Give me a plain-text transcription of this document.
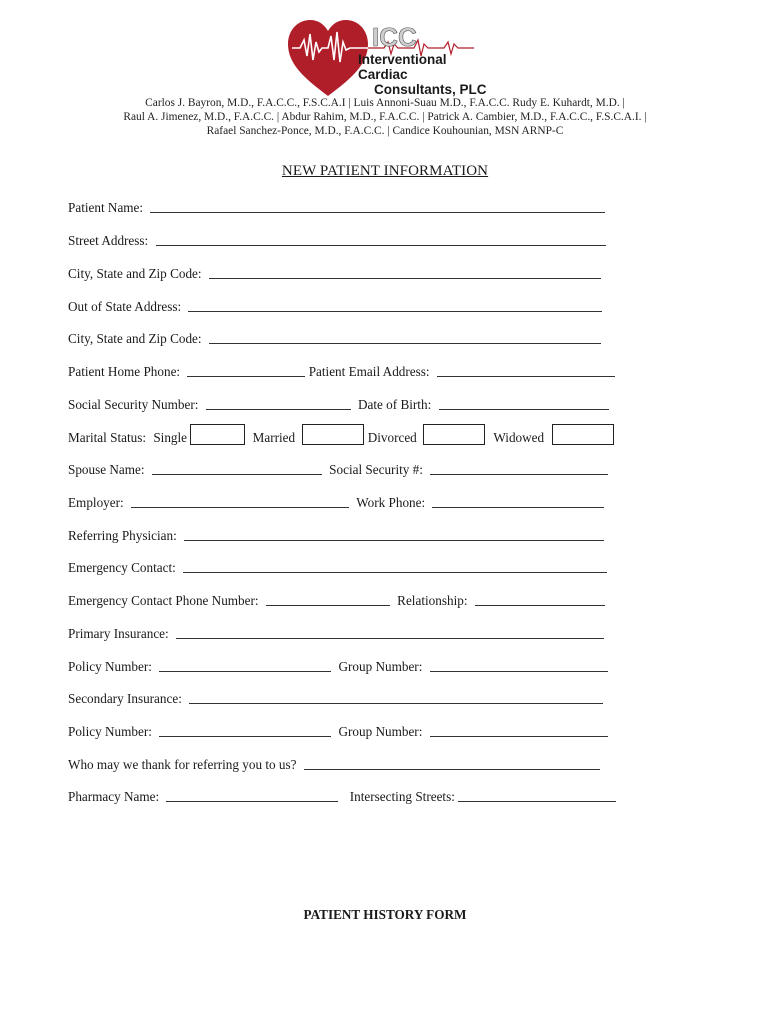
ICC
Interventional Cardiac
Consultants, PLC
Carlos J. Bayron, M.D., F.A.C.C., F.S.C.A.I | Luis Annoni-Suau M.D., F.A.C.C. Rudy E. Kuhardt, M.D. |
Raul A. Jimenez, M.D., F.A.C.C. | Abdur Rahim, M.D., F.A.C.C. | Patrick A. Cambier, M.D., F.A.C.C., F.S.C.A.I. |
Rafael Sanchez-Ponce, M.D., F.A.C.C. | Candice Kouhounian, MSN ARNP-C
NEW PATIENT INFORMATION
Patient Name:
Street Address:
City, State and Zip Code:
Out of State Address:
City, State and Zip Code:
Patient Home Phone:	Patient Email Address:
Social Security Number:	Date of Birth:
Marital Status: Single	Married	Divorced	Widowed
Spouse Name:	Social Security #:
Employer:	Work Phone:
Referring Physician:
Emergency Contact:
Emergency Contact Phone Number:	Relationship:
Primary Insurance:
Policy Number:	Group Number:
Secondary Insurance:
Policy Number:	Group Number:
Who may we thank for referring you to us?
Pharmacy Name:	Intersecting Streets:
PATIENT HISTORY FORM
